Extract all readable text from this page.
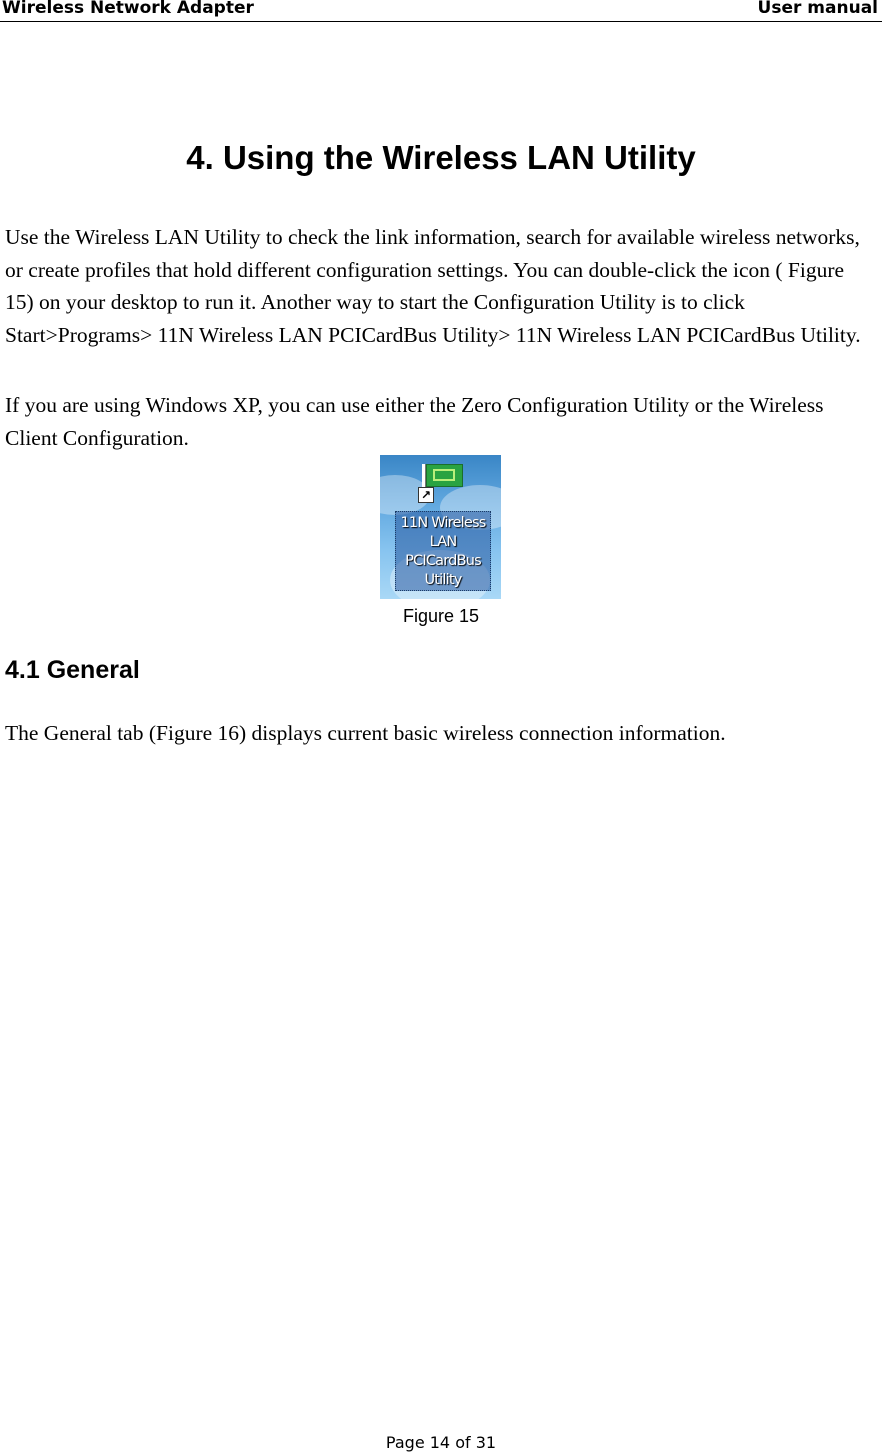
Wireless Network Adapter	User manual
4. Using the Wireless LAN Utility

Use the Wireless LAN Utility to check the link information, search for available wireless networks, or create profiles that hold different configuration settings. You can double-click the icon ( Figure 15) on your desktop to run it. Another way to start the Configuration Utility is to click Start>Programs> 11N Wireless LAN PCICardBus Utility> 11N Wireless LAN PCICardBus Utility.

If you are using Windows XP, you can use either the Zero Configuration Utility or the Wireless Client Configuration.

↗
11N Wireless LAN PCICardBus Utility
Figure 15
4.1 General

The General tab (Figure 16) displays current basic wireless connection information.

Page 14 of 31
